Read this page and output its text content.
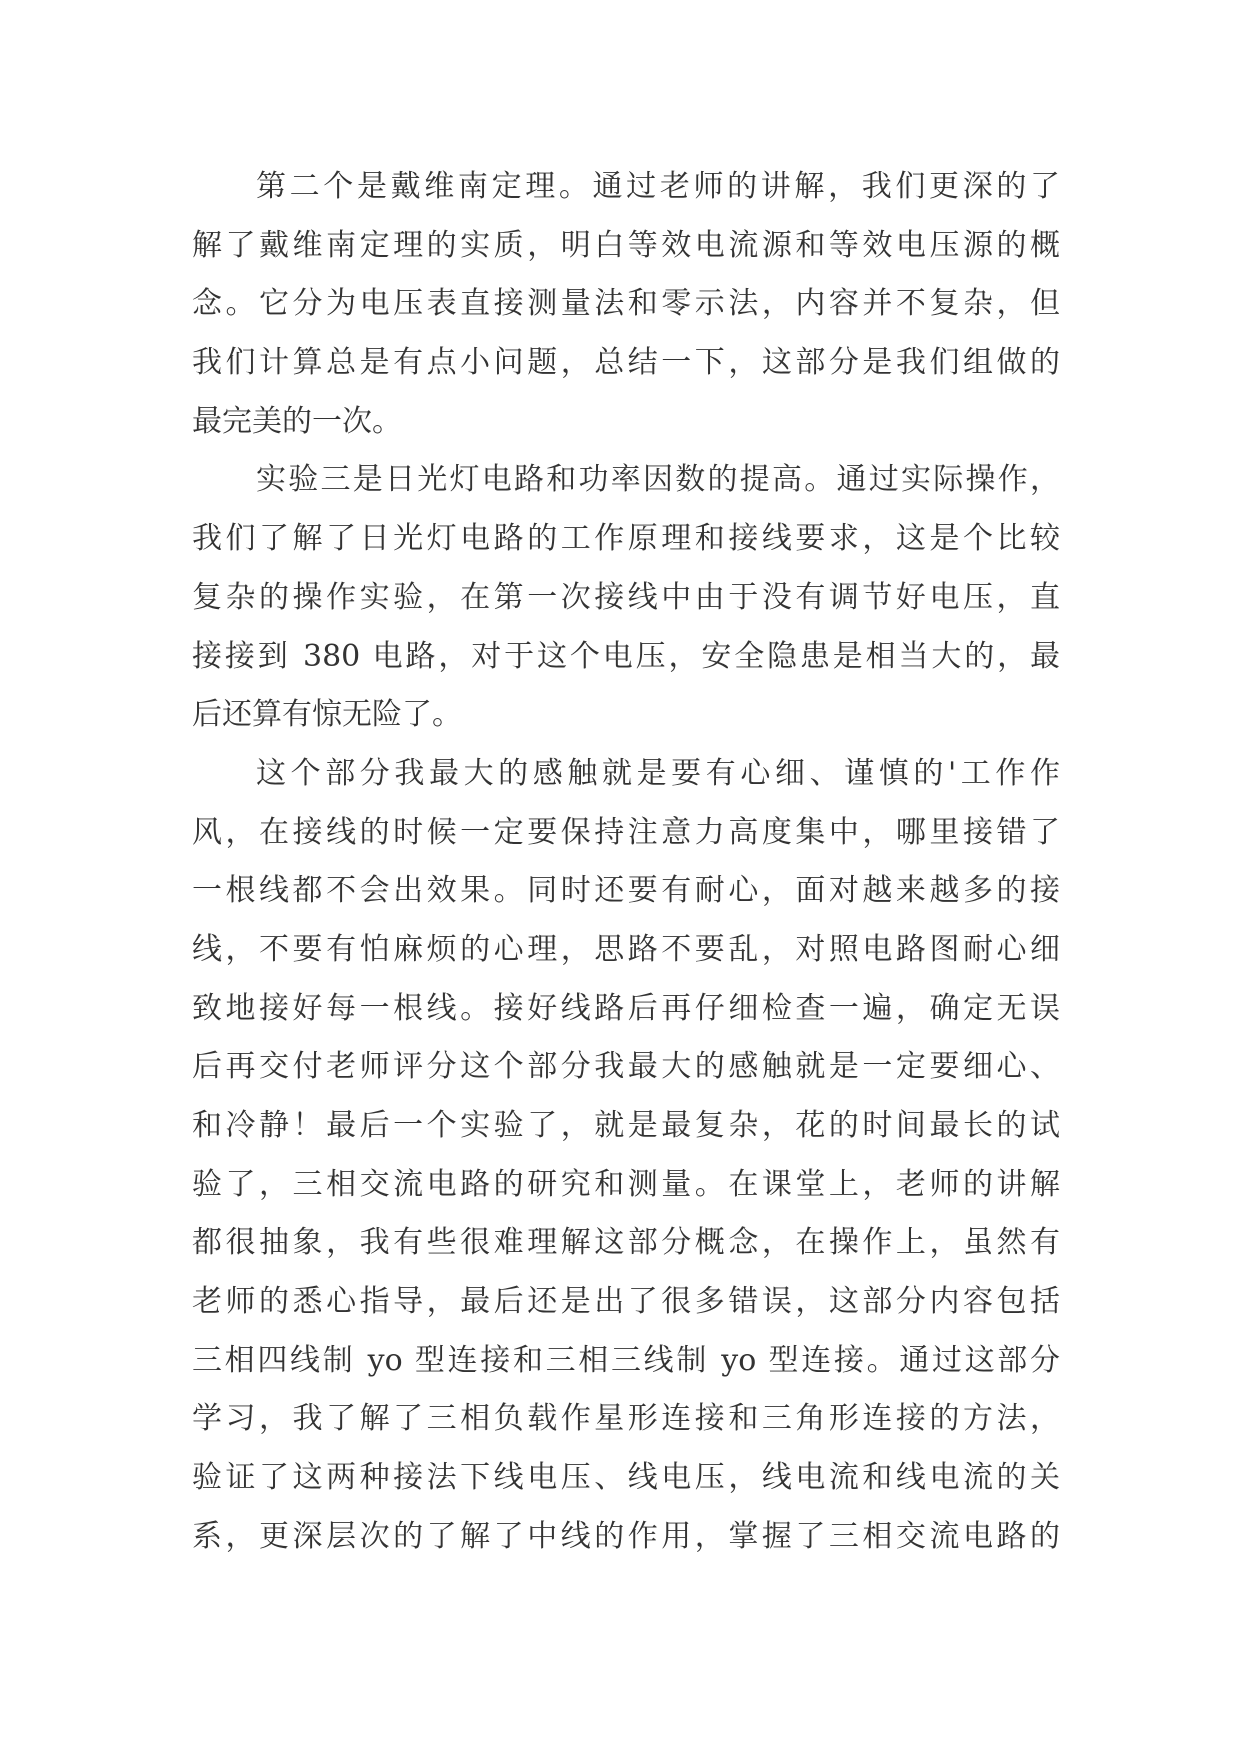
第二个是戴维南定理。通过老师的讲解，我们更深的了
解了戴维南定理的实质，明白等效电流源和等效电压源的概
念。它分为电压表直接测量法和零示法，内容并不复杂，但
我们计算总是有点小问题，总结一下，这部分是我们组做的
最完美的一次。
实验三是日光灯电路和功率因数的提高。通过实际操作，
我们了解了日光灯电路的工作原理和接线要求，这是个比较
复杂的操作实验，在第一次接线中由于没有调节好电压，直
接接到 380 电路，对于这个电压，安全隐患是相当大的，最
后还算有惊无险了。
这个部分我最大的感触就是要有心细、谨慎的'工作作
风，在接线的时候一定要保持注意力高度集中，哪里接错了
一根线都不会出效果。同时还要有耐心，面对越来越多的接
线，不要有怕麻烦的心理，思路不要乱，对照电路图耐心细
致地接好每一根线。接好线路后再仔细检查一遍，确定无误
后再交付老师评分这个部分我最大的感触就是一定要细心、
和冷静！最后一个实验了，就是最复杂，花的时间最长的试
验了，三相交流电路的研究和测量。在课堂上，老师的讲解
都很抽象，我有些很难理解这部分概念，在操作上，虽然有
老师的悉心指导，最后还是出了很多错误，这部分内容包括
三相四线制 yo 型连接和三相三线制 yo 型连接。通过这部分
学习，我了解了三相负载作星形连接和三角形连接的方法，
验证了这两种接法下线电压、线电压，线电流和线电流的关
系，更深层次的了解了中线的作用，掌握了三相交流电路的
